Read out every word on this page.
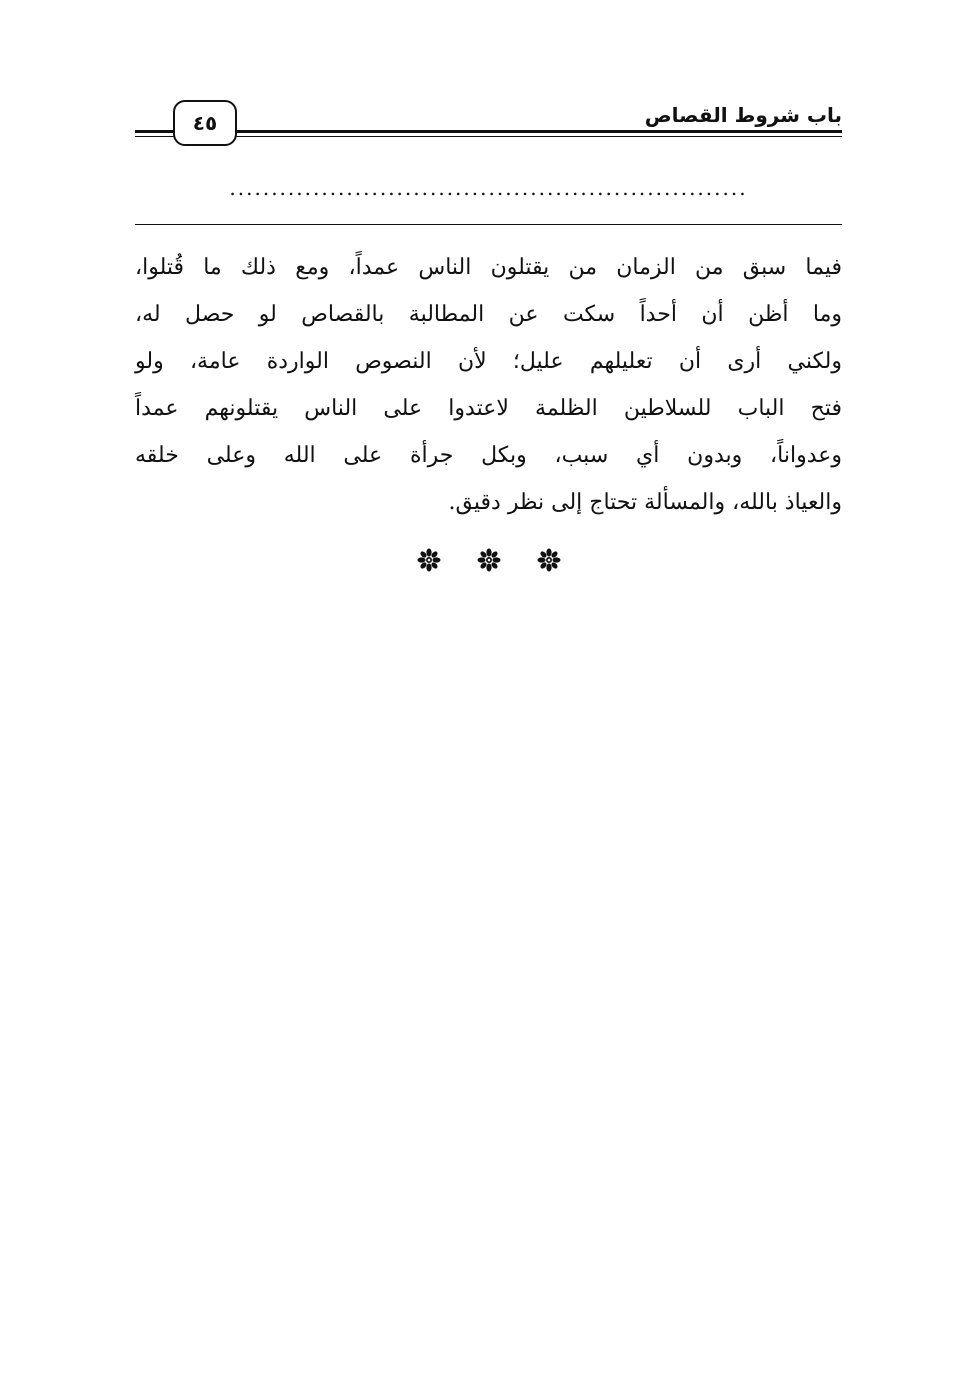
٤٥	باب شروط القصاص
..............................................................
فيما سبق من الزمان من يقتلون الناس عمداً، ومع ذلك ما قُتلوا،
وما أظن أن أحداً سكت عن المطالبة بالقصاص لو حصل له،
ولكني أرى أن تعليلهم عليل؛ لأن النصوص الواردة عامة، ولو
فتح الباب للسلاطين الظلمة لاعتدوا على الناس يقتلونهم عمداً
وعدواناً، وبدون أي سبب، وبكل جرأة على الله وعلى خلقه
والعياذ بالله، والمسألة تحتاج إلى نظر دقيق.
